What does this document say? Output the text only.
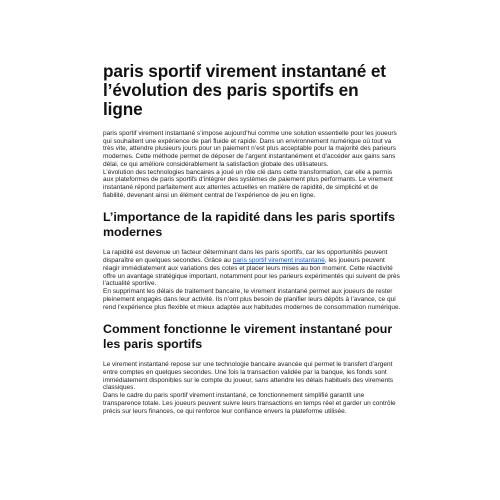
paris sportif virement instantané et l’évolution des paris sportifs en ligne

paris sportif virement instantané s’impose aujourd’hui comme une solution essentielle pour les joueurs qui souhaitent une expérience de pari fluide et rapide. Dans un environnement numérique où tout va très vite, attendre plusieurs jours pour un paiement n’est plus acceptable pour la majorité des parieurs modernes. Cette méthode permet de déposer de l’argent instantanément et d’accéder aux gains sans délai, ce qui améliore considérablement la satisfaction globale des utilisateurs.
L’évolution des technologies bancaires a joué un rôle clé dans cette transformation, car elle a permis aux plateformes de paris sportifs d’intégrer des systèmes de paiement plus performants. Le virement instantané répond parfaitement aux attentes actuelles en matière de rapidité, de simplicité et de fiabilité, devenant ainsi un élément central de l’expérience de jeu en ligne.

L’importance de la rapidité dans les paris sportifs modernes

La rapidité est devenue un facteur déterminant dans les paris sportifs, car les opportunités peuvent disparaître en quelques secondes. Grâce au paris sportif virement instantané, les joueurs peuvent réagir immédiatement aux variations des cotes et placer leurs mises au bon moment. Cette réactivité offre un avantage stratégique important, notamment pour les parieurs expérimentés qui suivent de près l’actualité sportive.
En supprimant les délais de traitement bancaire, le virement instantané permet aux joueurs de rester pleinement engagés dans leur activité. Ils n’ont plus besoin de planifier leurs dépôts à l’avance, ce qui rend l’expérience plus flexible et mieux adaptée aux habitudes modernes de consommation numérique.

Comment fonctionne le virement instantané pour les paris sportifs

Le virement instantané repose sur une technologie bancaire avancée qui permet le transfert d’argent entre comptes en quelques secondes. Une fois la transaction validée par la banque, les fonds sont immédiatement disponibles sur le compte du joueur, sans attendre les délais habituels des virements classiques.
Dans le cadre du paris sportif virement instantané, ce fonctionnement simplifié garantit une transparence totale. Les joueurs peuvent suivre leurs transactions en temps réel et garder un contrôle précis sur leurs finances, ce qui renforce leur confiance envers la plateforme utilisée.
